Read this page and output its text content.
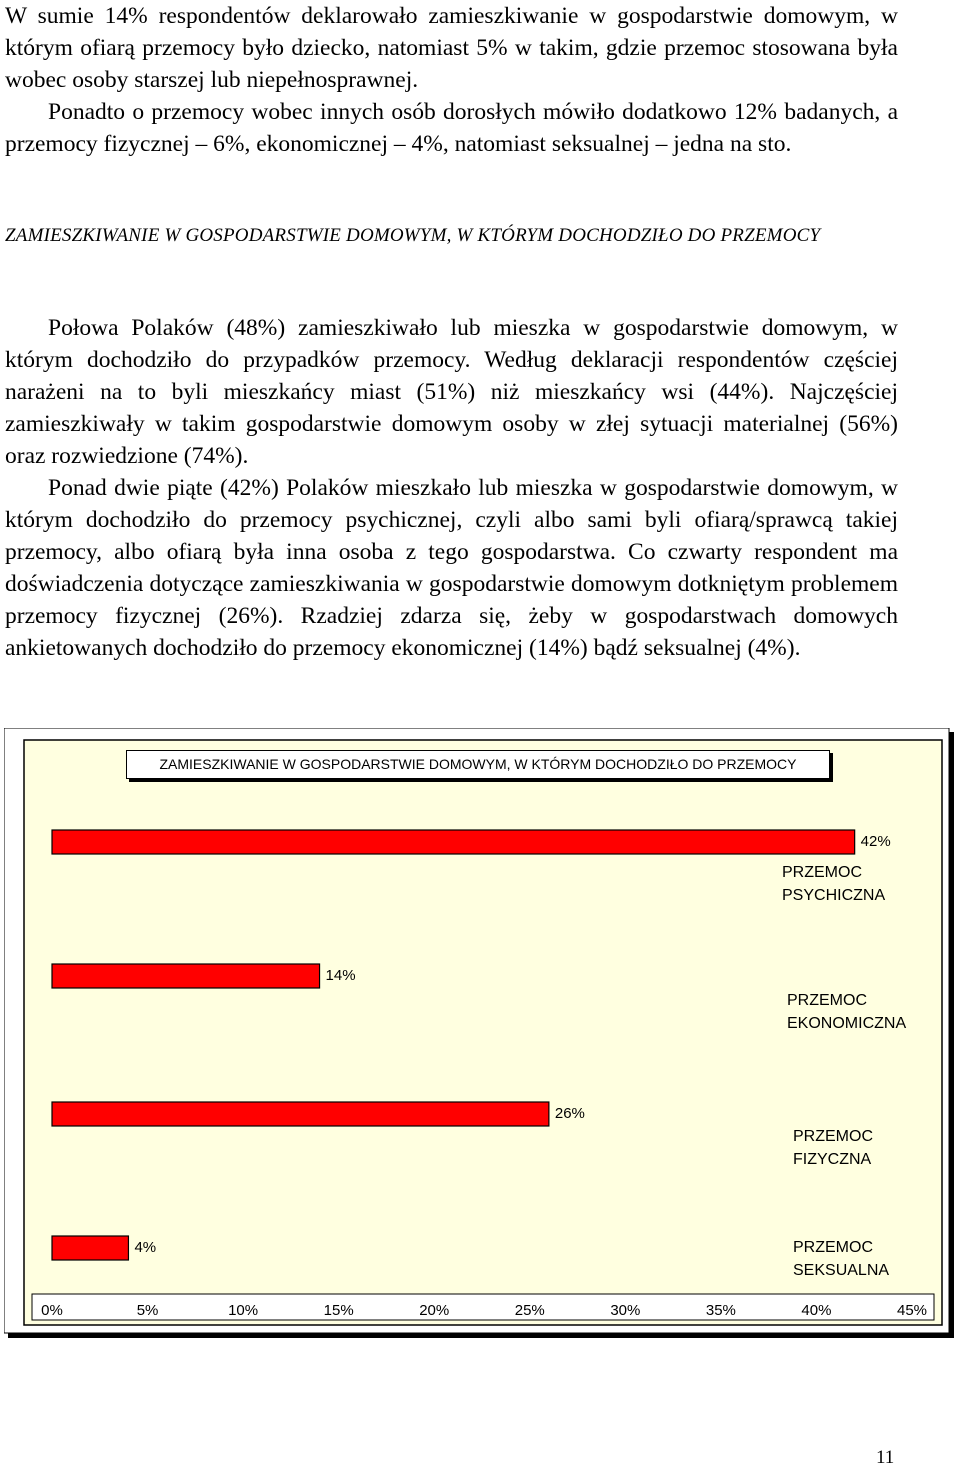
W sumie 14% respondentów deklarowało zamieszkiwanie w gospodarstwie domowym, w którym ofiarą przemocy było dziecko, natomiast 5% w takim, gdzie przemoc stosowana była wobec osoby starszej lub niepełnosprawnej.

Ponadto o przemocy wobec innych osób dorosłych mówiło dodatkowo 12% badanych, a przemocy fizycznej – 6%, ekonomicznej – 4%, natomiast seksualnej – jedna na sto.

ZAMIESZKIWANIE W GOSPODARSTWIE DOMOWYM, W KTÓRYM DOCHODZIŁO DO PRZEMOCY

Połowa Polaków (48%) zamieszkiwało lub mieszka w gospodarstwie domowym, w którym dochodziło do przypadków przemocy. Według deklaracji respondentów częściej narażeni na to byli mieszkańcy miast (51%) niż mieszkańcy wsi (44%). Najczęściej zamieszkiwały w takim gospodarstwie domowym osoby w złej sytuacji materialnej (56%) oraz rozwiedzione (74%).

Ponad dwie piąte (42%) Polaków mieszkało lub mieszka w gospodarstwie domowym, w którym dochodziło do przemocy psychicznej, czyli albo sami byli ofiarą/sprawcą takiej przemocy, albo ofiarą była inna osoba z tego gospodarstwa. Co czwarty respondent ma doświadczenia dotyczące zamieszkiwania w gospodarstwie domowym dotkniętym problemem przemocy fizycznej (26%). Rzadziej zdarza się, żeby w gospodarstwach domowych ankietowanych dochodziło do przemocy ekonomicznej (14%) bądź seksualnej (4%).

ZAMIESZKIWANIE W GOSPODARSTWIE DOMOWYM, W KTÓRYM DOCHODZIŁO DO PRZEMOCY
42%
14%
26%
4%
PRZEMOC
PSYCHICZNA
PRZEMOC
EKONOMICZNA
PRZEMOC
FIZYCZNA
PRZEMOC
SEKSUALNA
0%	5%	10%	15%	20%	25%	30%	35%	40%	45%
11
